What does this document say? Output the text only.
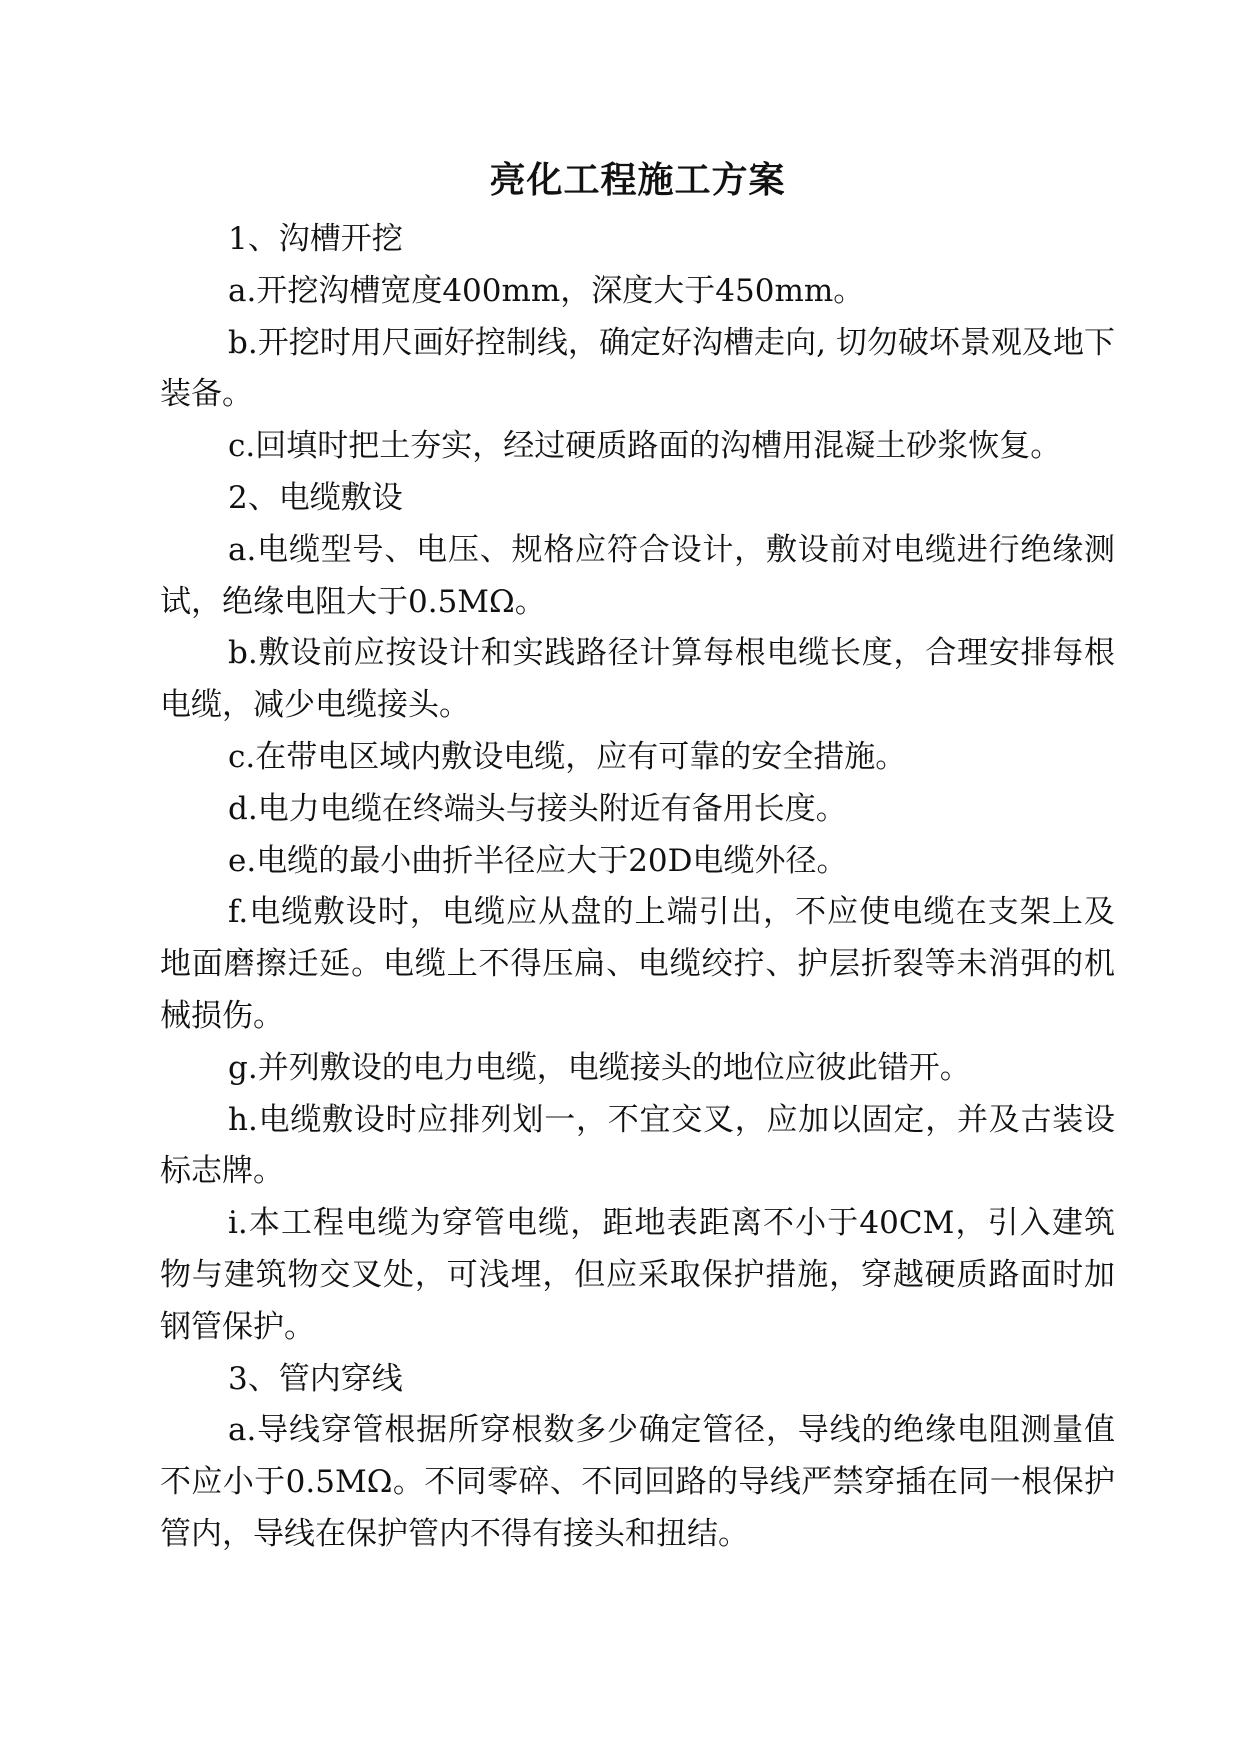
亮化工程施工方案

1、沟槽开挖

a.开挖沟槽宽度400mm，深度大于450mm。

b.开挖时用尺画好控制线，确定好沟槽走向, 切勿破坏景观及地下装备。

c.回填时把土夯实，经过硬质路面的沟槽用混凝土砂浆恢复。

2、电缆敷设

a.电缆型号、电压、规格应符合设计，敷设前对电缆进行绝缘测试，绝缘电阻大于0.5MΩ。

b.敷设前应按设计和实践路径计算每根电缆长度，合理安排每根电缆，减少电缆接头。

c.在带电区域内敷设电缆，应有可靠的安全措施。

d.电力电缆在终端头与接头附近有备用长度。

e.电缆的最小曲折半径应大于20D电缆外径。

f.电缆敷设时，电缆应从盘的上端引出，不应使电缆在支架上及地面磨擦迁延。电缆上不得压扁、电缆绞拧、护层折裂等未消弭的机械损伤。

g.并列敷设的电力电缆，电缆接头的地位应彼此错开。

h.电缆敷设时应排列划一，不宜交叉，应加以固定，并及古装设标志牌。

i.本工程电缆为穿管电缆，距地表距离不小于40CM，引入建筑物与建筑物交叉处，可浅埋，但应采取保护措施，穿越硬质路面时加钢管保护。

3、管内穿线

a.导线穿管根据所穿根数多少确定管径，导线的绝缘电阻测量值不应小于0.5MΩ。不同零碎、不同回路的导线严禁穿插在同一根保护管内，导线在保护管内不得有接头和扭结。
